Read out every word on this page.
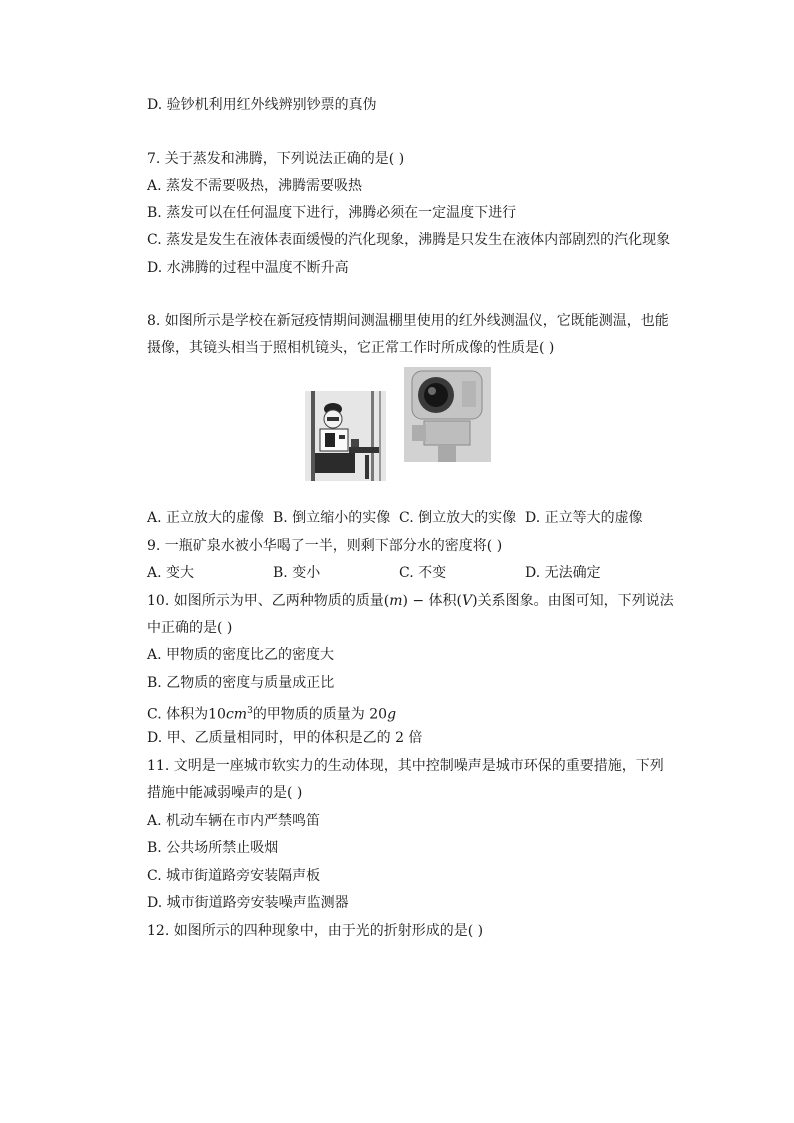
D. 验钞机利用红外线辨别钞票的真伪
7. 关于蒸发和沸腾，下列说法正确的是( )
A. 蒸发不需要吸热，沸腾需要吸热
B. 蒸发可以在任何温度下进行，沸腾必须在一定温度下进行
C. 蒸发是发生在液体表面缓慢的汽化现象，沸腾是只发生在液体内部剧烈的汽化现象
D. 水沸腾的过程中温度不断升高
8. 如图所示是学校在新冠疫情期间测温棚里使用的红外线测温仪，它既能测温，也能
摄像，其镜头相当于照相机镜头，它正常工作时所成像的性质是( )
A. 正立放大的虚像 B. 倒立缩小的实像 C. 倒立放大的实像 D. 正立等大的虚像
9. 一瓶矿泉水被小华喝了一半，则剩下部分水的密度将( )
A. 变大	B. 变小	C. 不变	D. 无法确定
10. 如图所示为甲、乙两种物质的质量(m) − 体积(V)关系图象。由图可知，下列说法
中正确的是( )
A. 甲物质的密度比乙的密度大
B. 乙物质的密度与质量成正比
C. 体积为$10cm^3$的甲物质的质量为 20g
D. 甲、乙质量相同时，甲的体积是乙的 2 倍
11. 文明是一座城市软实力的生动体现，其中控制噪声是城市环保的重要措施，下列
措施中能减弱噪声的是( )
A. 机动车辆在市内严禁鸣笛
B. 公共场所禁止吸烟
C. 城市街道路旁安装隔声板
D. 城市街道路旁安装噪声监测器
12. 如图所示的四种现象中，由于光的折射形成的是( )
